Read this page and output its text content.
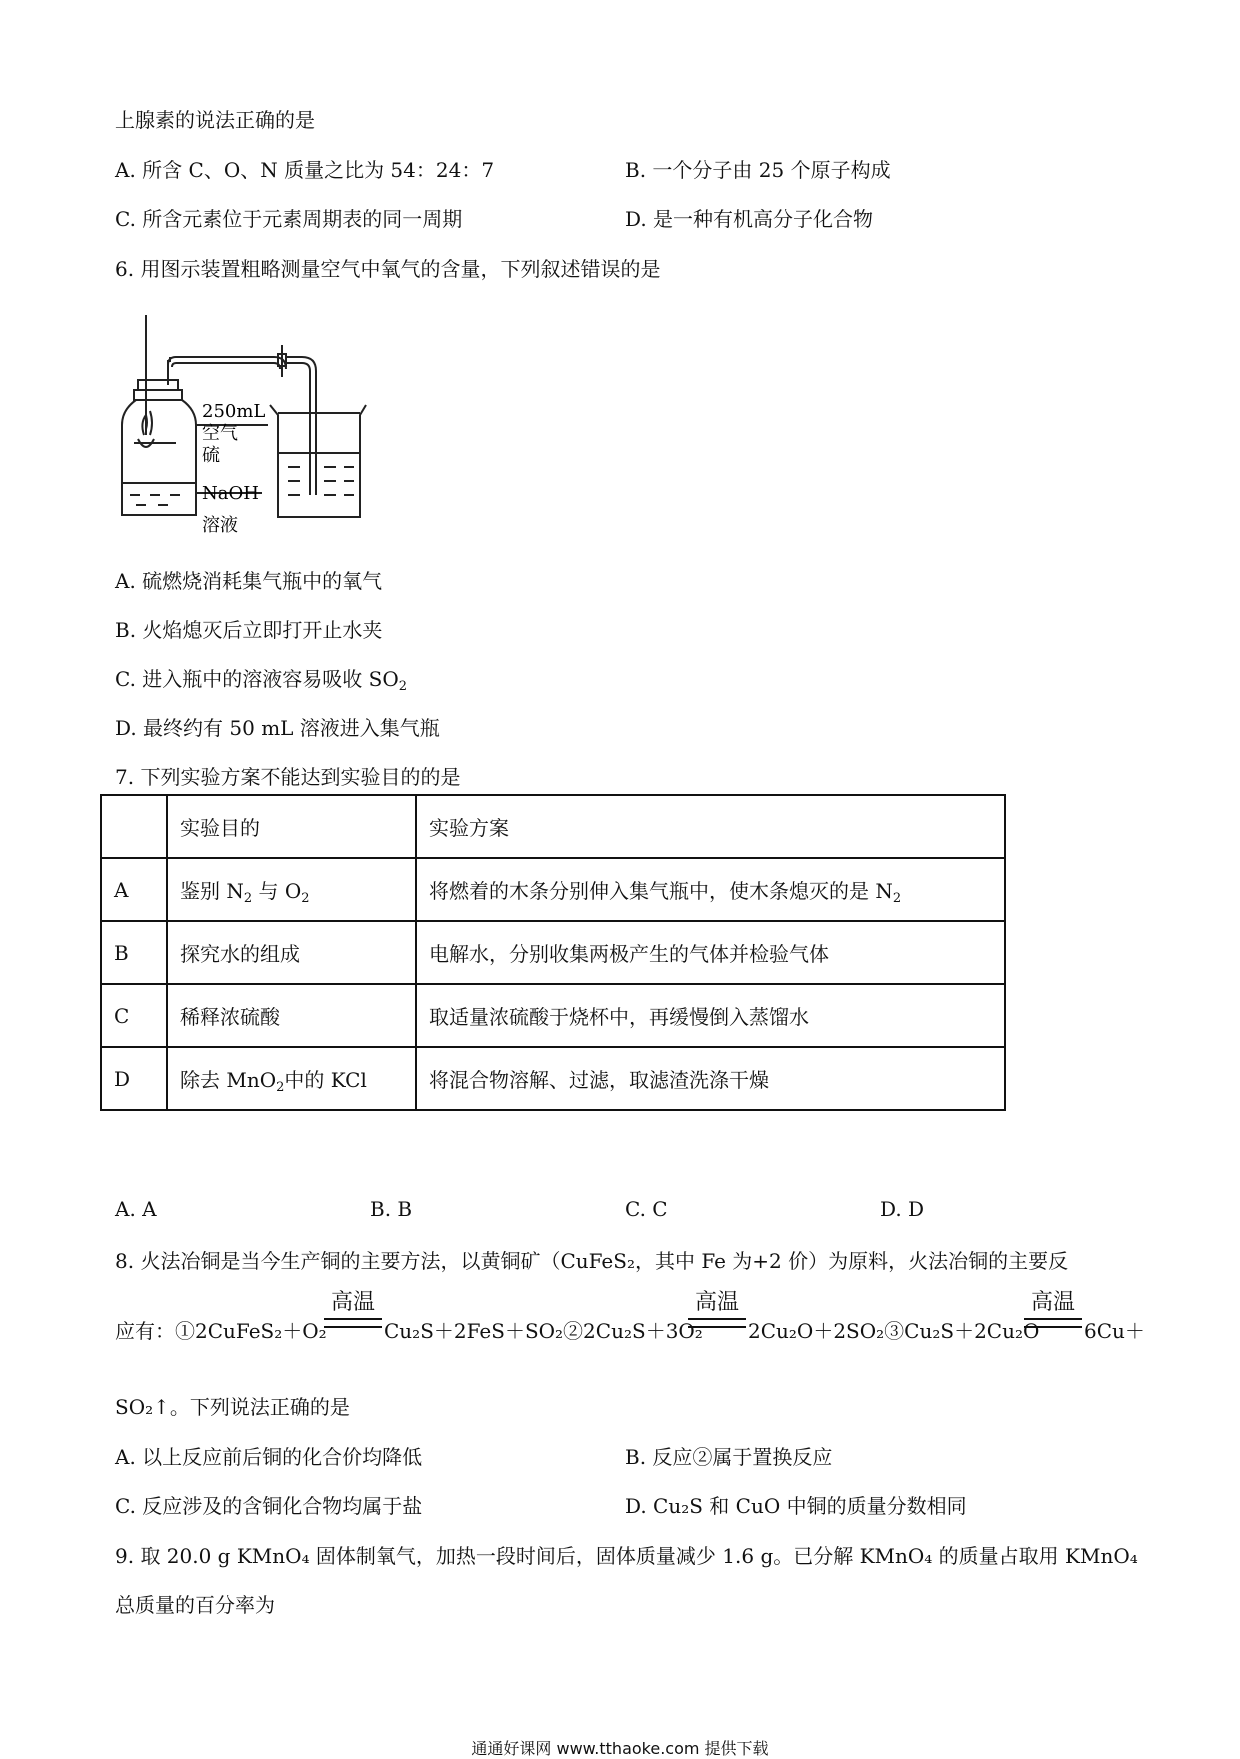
上腺素的说法正确的是
A. 所含 C、O、N 质量之比为 54：24：7	B. 一个分子由 25 个原子构成
C. 所含元素位于元素周期表的同一周期	D. 是一种有机高分子化合物
6. 用图示装置粗略测量空气中氧气的含量，下列叙述错误的是
250mL
空气
硫
NaOH
溶液
A. 硫燃烧消耗集气瓶中的氧气
B. 火焰熄灭后立即打开止水夹
C. 进入瓶中的溶液容易吸收 $SO_2$
D. 最终约有 50 mL 溶液进入集气瓶
7. 下列实验方案不能达到实验目的的是
	实验目的	实验方案
A	鉴别 $N_2$ 与 $O_2$	将燃着的木条分别伸入集气瓶中，使木条熄灭的是 $N_2$
B	探究水的组成	电解水，分别收集两极产生的气体并检验气体
C	稀释浓硫酸	取适量浓硫酸于烧杯中，再缓慢倒入蒸馏水
D	除去 MnO$_2$中的 KCl	将混合物溶解、过滤，取滤渣洗涤干燥
A. A	B. B	C. C	D. D
8. 火法冶铜是当今生产铜的主要方法，以黄铜矿（CuFeS₂，其中 Fe 为+2 价）为原料，火法冶铜的主要反
应有：①2CuFeS₂＋O₂
高温
Cu₂S＋2FeS＋SO₂②2Cu₂S＋3O₂
高温
2Cu₂O＋2SO₂③Cu₂S＋2Cu₂O
高温
6Cu＋
SO₂↑。下列说法正确的是
A. 以上反应前后铜的化合价均降低	B. 反应②属于置换反应
C. 反应涉及的含铜化合物均属于盐	D. Cu₂S 和 CuO 中铜的质量分数相同
9. 取 20.0 g KMnO₄ 固体制氧气，加热一段时间后，固体质量减少 1.6 g。已分解 KMnO₄ 的质量占取用 KMnO₄
总质量的百分率为
通通好课网 www.tthaoke.com 提供下载
